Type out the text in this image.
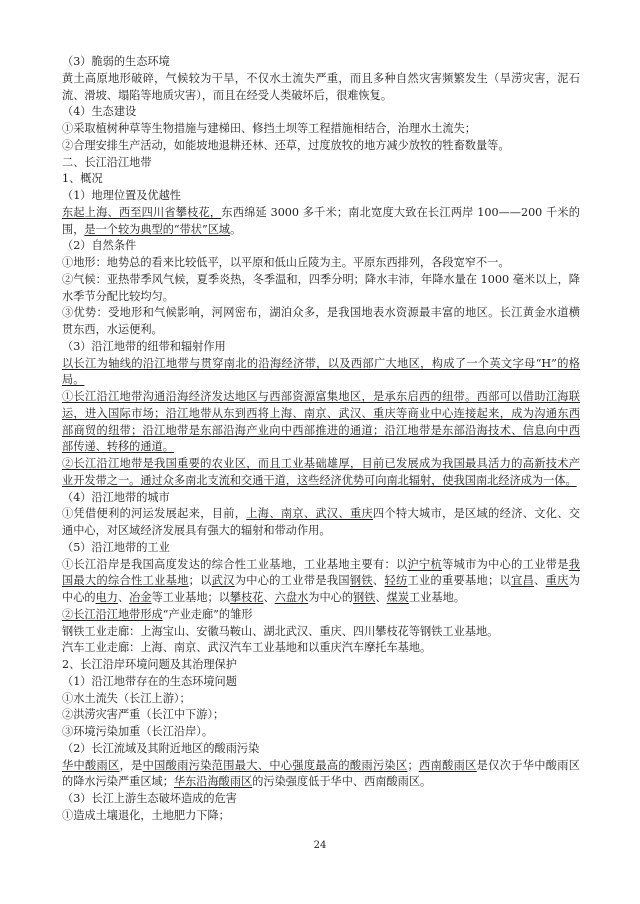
（3）脆弱的生态环境
黄土高原地形破碎，气候较为干旱，不仅水土流失严重，而且多种自然灾害频繁发生（旱涝灾害，泥石
流、滑坡、塌陷等地质灾害），而且在经受人类破坏后，很难恢复。
（4）生态建设
①采取植树种草等生物措施与建梯田、修挡土坝等工程措施相结合，治理水土流失；
②合理安排生产活动，如能坡地退耕还林、还草，过度放牧的地方减少放牧的牲畜数量等。
二、长江沿江地带
1、概况
（1）地理位置及优越性
东起上海、西至四川省攀枝花，东西绵延 3000 多千米；南北宽度大致在长江两岸 100——200 千米的
围，是一个较为典型的“带状”区域。
（2）自然条件
①地形：地势总的看来比较低平，以平原和低山丘陵为主。平原东西排列，各段宽窄不一。
②气候：亚热带季风气候，夏季炎热，冬季温和，四季分明；降水丰沛，年降水量在 1000 毫米以上，降
水季节分配比较均匀。
③优势：受地形和气候影响，河网密布，湖泊众多，是我国地表水资源最丰富的地区。长江黄金水道横
贯东西，水运便利。
（3）沿江地带的纽带和辐射作用
以长江为轴线的沿江地带与贯穿南北的沿海经济带，以及西部广大地区，构成了一个英文字母“H”的格
局。
①长江沿江地带沟通沿海经济发达地区与西部资源富集地区，是承东启西的纽带。西部可以借助江海联
运，进入国际市场；沿江地带从东到西将上海、南京、武汉、重庆等商业中心连接起来，成为沟通东西
部商贸的纽带；沿江地带是东部沿海产业向中西部推进的通道；沿江地带是东部沿海技术、信息向中西
部传递、转移的通道。
②长江沿江地带是我国重要的农业区，而且工业基础雄厚，目前已发展成为我国最具活力的高新技术产
业开发带之一。通过众多南北支流和交通干道，这些经济优势可向南北辐射，使我国南北经济成为一体。
（4）沿江地带的城市
①凭借便利的河运发展起来，目前，上海、南京、武汉、重庆四个特大城市，是区域的经济、文化、交
通中心，对区域经济发展具有强大的辐射和带动作用。
（5）沿江地带的工业
①长江沿岸是我国高度发达的综合性工业基地，工业基地主要有：以沪宁杭等城市为中心的工业带是我
国最大的综合性工业基地；以武汉为中心的工业带是我国钢铁、轻纺工业的重要基地；以宜昌、重庆为
中心的电力、冶金等工业基地；以攀枝花、六盘水为中心的钢铁、煤炭工业基地。
②长江沿江地带形成“产业走廊”的雏形
钢铁工业走廊：上海宝山、安徽马鞍山、湖北武汉、重庆、四川攀枝花等钢铁工业基地。
汽车工业走廊：上海、南京、武汉汽车工业基地和以重庆汽车摩托车基地。
2、长江沿岸环境问题及其治理保护
（1）沿江地带存在的生态环境问题
①水土流失（长江上游）；
②洪涝灾害严重（长江中下游）；
③环境污染加重（长江沿岸）。
（2）长江流域及其附近地区的酸雨污染
华中酸雨区，是中国酸雨污染范围最大、中心强度最高的酸雨污染区；西南酸雨区是仅次于华中酸雨区
的降水污染严重区域；华东沿海酸雨区的污染强度低于华中、西南酸雨区。
（3）长江上游生态破坏造成的危害
①造成土壤退化，土地肥力下降；
24
